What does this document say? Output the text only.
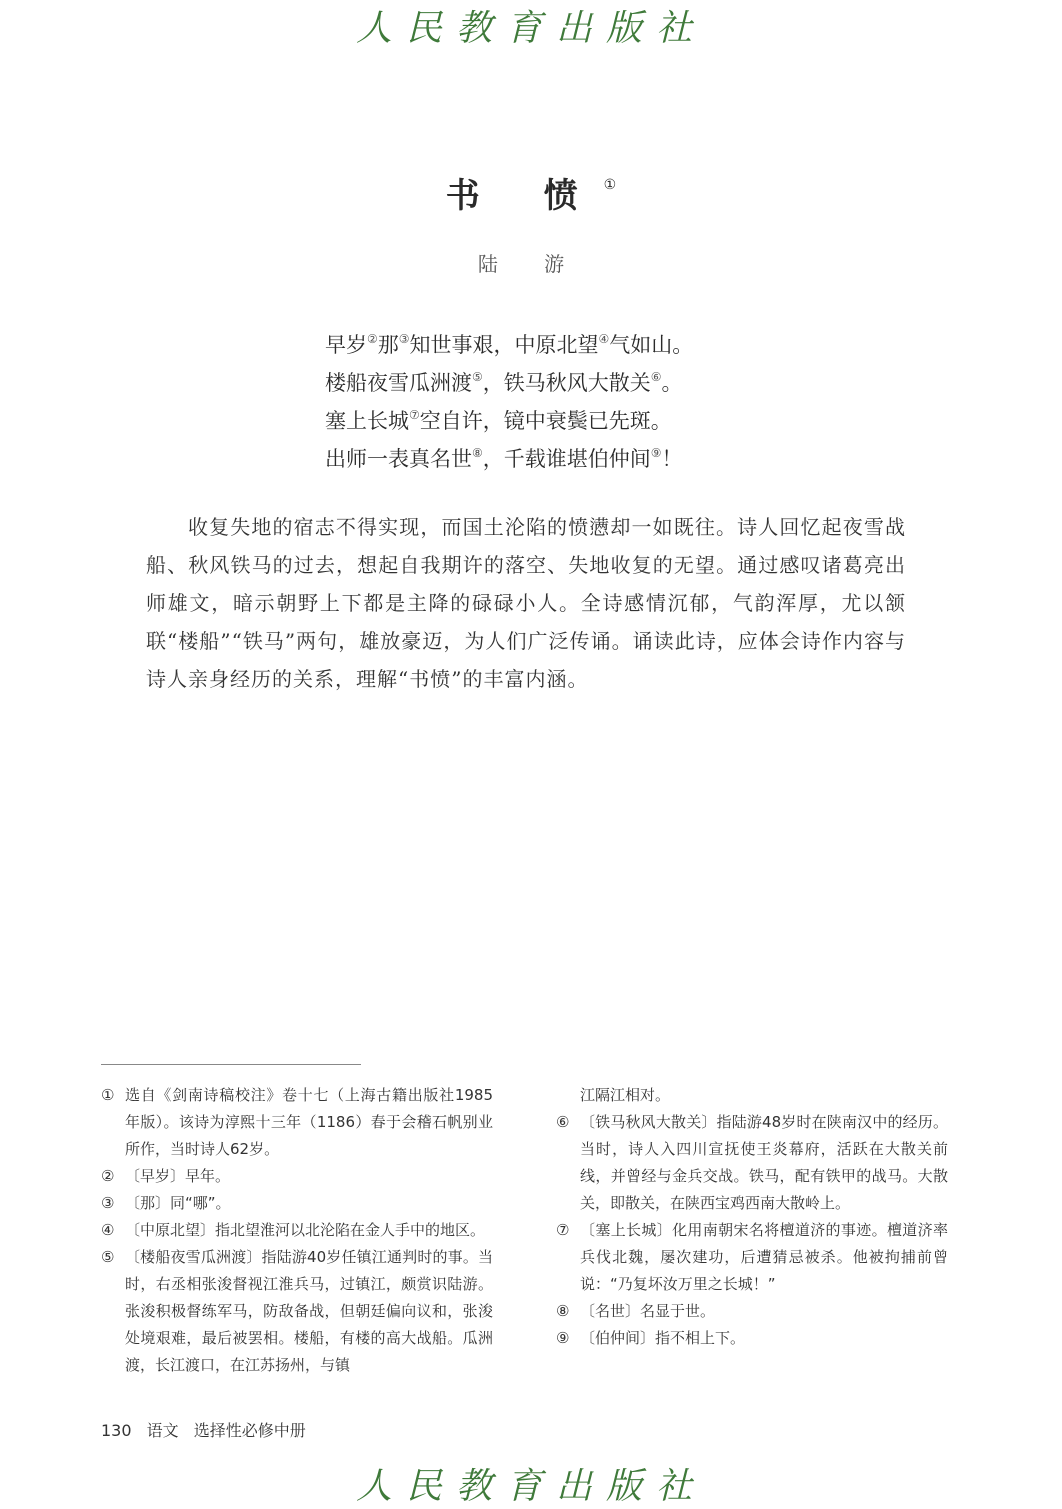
人民教育出版社
书 愤①
陆 游
早岁②那③知世事艰，中原北望④气如山。
楼船夜雪瓜洲渡⑤，铁马秋风大散关⑥。
塞上长城⑦空自许，镜中衰鬓已先斑。
出师一表真名世⑧，千载谁堪伯仲间⑨！
收复失地的宿志不得实现，而国土沦陷的愤懑却一如既往。诗人回忆起夜雪战船、秋风铁马的过去，想起自我期许的落空、失地收复的无望。通过感叹诸葛亮出师雄文，暗示朝野上下都是主降的碌碌小人。全诗感情沉郁，气韵浑厚，尤以颔联“楼船”“铁马”两句，雄放豪迈，为人们广泛传诵。诵读此诗，应体会诗作内容与诗人亲身经历的关系，理解“书愤”的丰富内涵。
① 选自《剑南诗稿校注》卷十七（上海古籍出版社1985年版）。该诗为淳熙十三年（1186）春于会稽石帆别业所作，当时诗人62岁。
② 〔早岁〕早年。
③ 〔那〕同“哪”。
④ 〔中原北望〕指北望淮河以北沦陷在金人手中的地区。
⑤ 〔楼船夜雪瓜洲渡〕指陆游40岁任镇江通判时的事。当时，右丞相张浚督视江淮兵马，过镇江，颇赏识陆游。张浚积极督练军马，防敌备战，但朝廷偏向议和，张浚处境艰难，最后被罢相。楼船，有楼的高大战船。瓜洲渡，长江渡口，在江苏扬州，与镇
江隔江相对。
⑥ 〔铁马秋风大散关〕指陆游48岁时在陕南汉中的经历。当时，诗人入四川宣抚使王炎幕府，活跃在大散关前线，并曾经与金兵交战。铁马，配有铁甲的战马。大散关，即散关，在陕西宝鸡西南大散岭上。
⑦ 〔塞上长城〕化用南朝宋名将檀道济的事迹。檀道济率兵伐北魏，屡次建功，后遭猜忌被杀。他被拘捕前曾说：“乃复坏汝万里之长城！”
⑧ 〔名世〕名显于世。
⑨ 〔伯仲间〕指不相上下。
130 语文 选择性必修中册
人民教育出版社
